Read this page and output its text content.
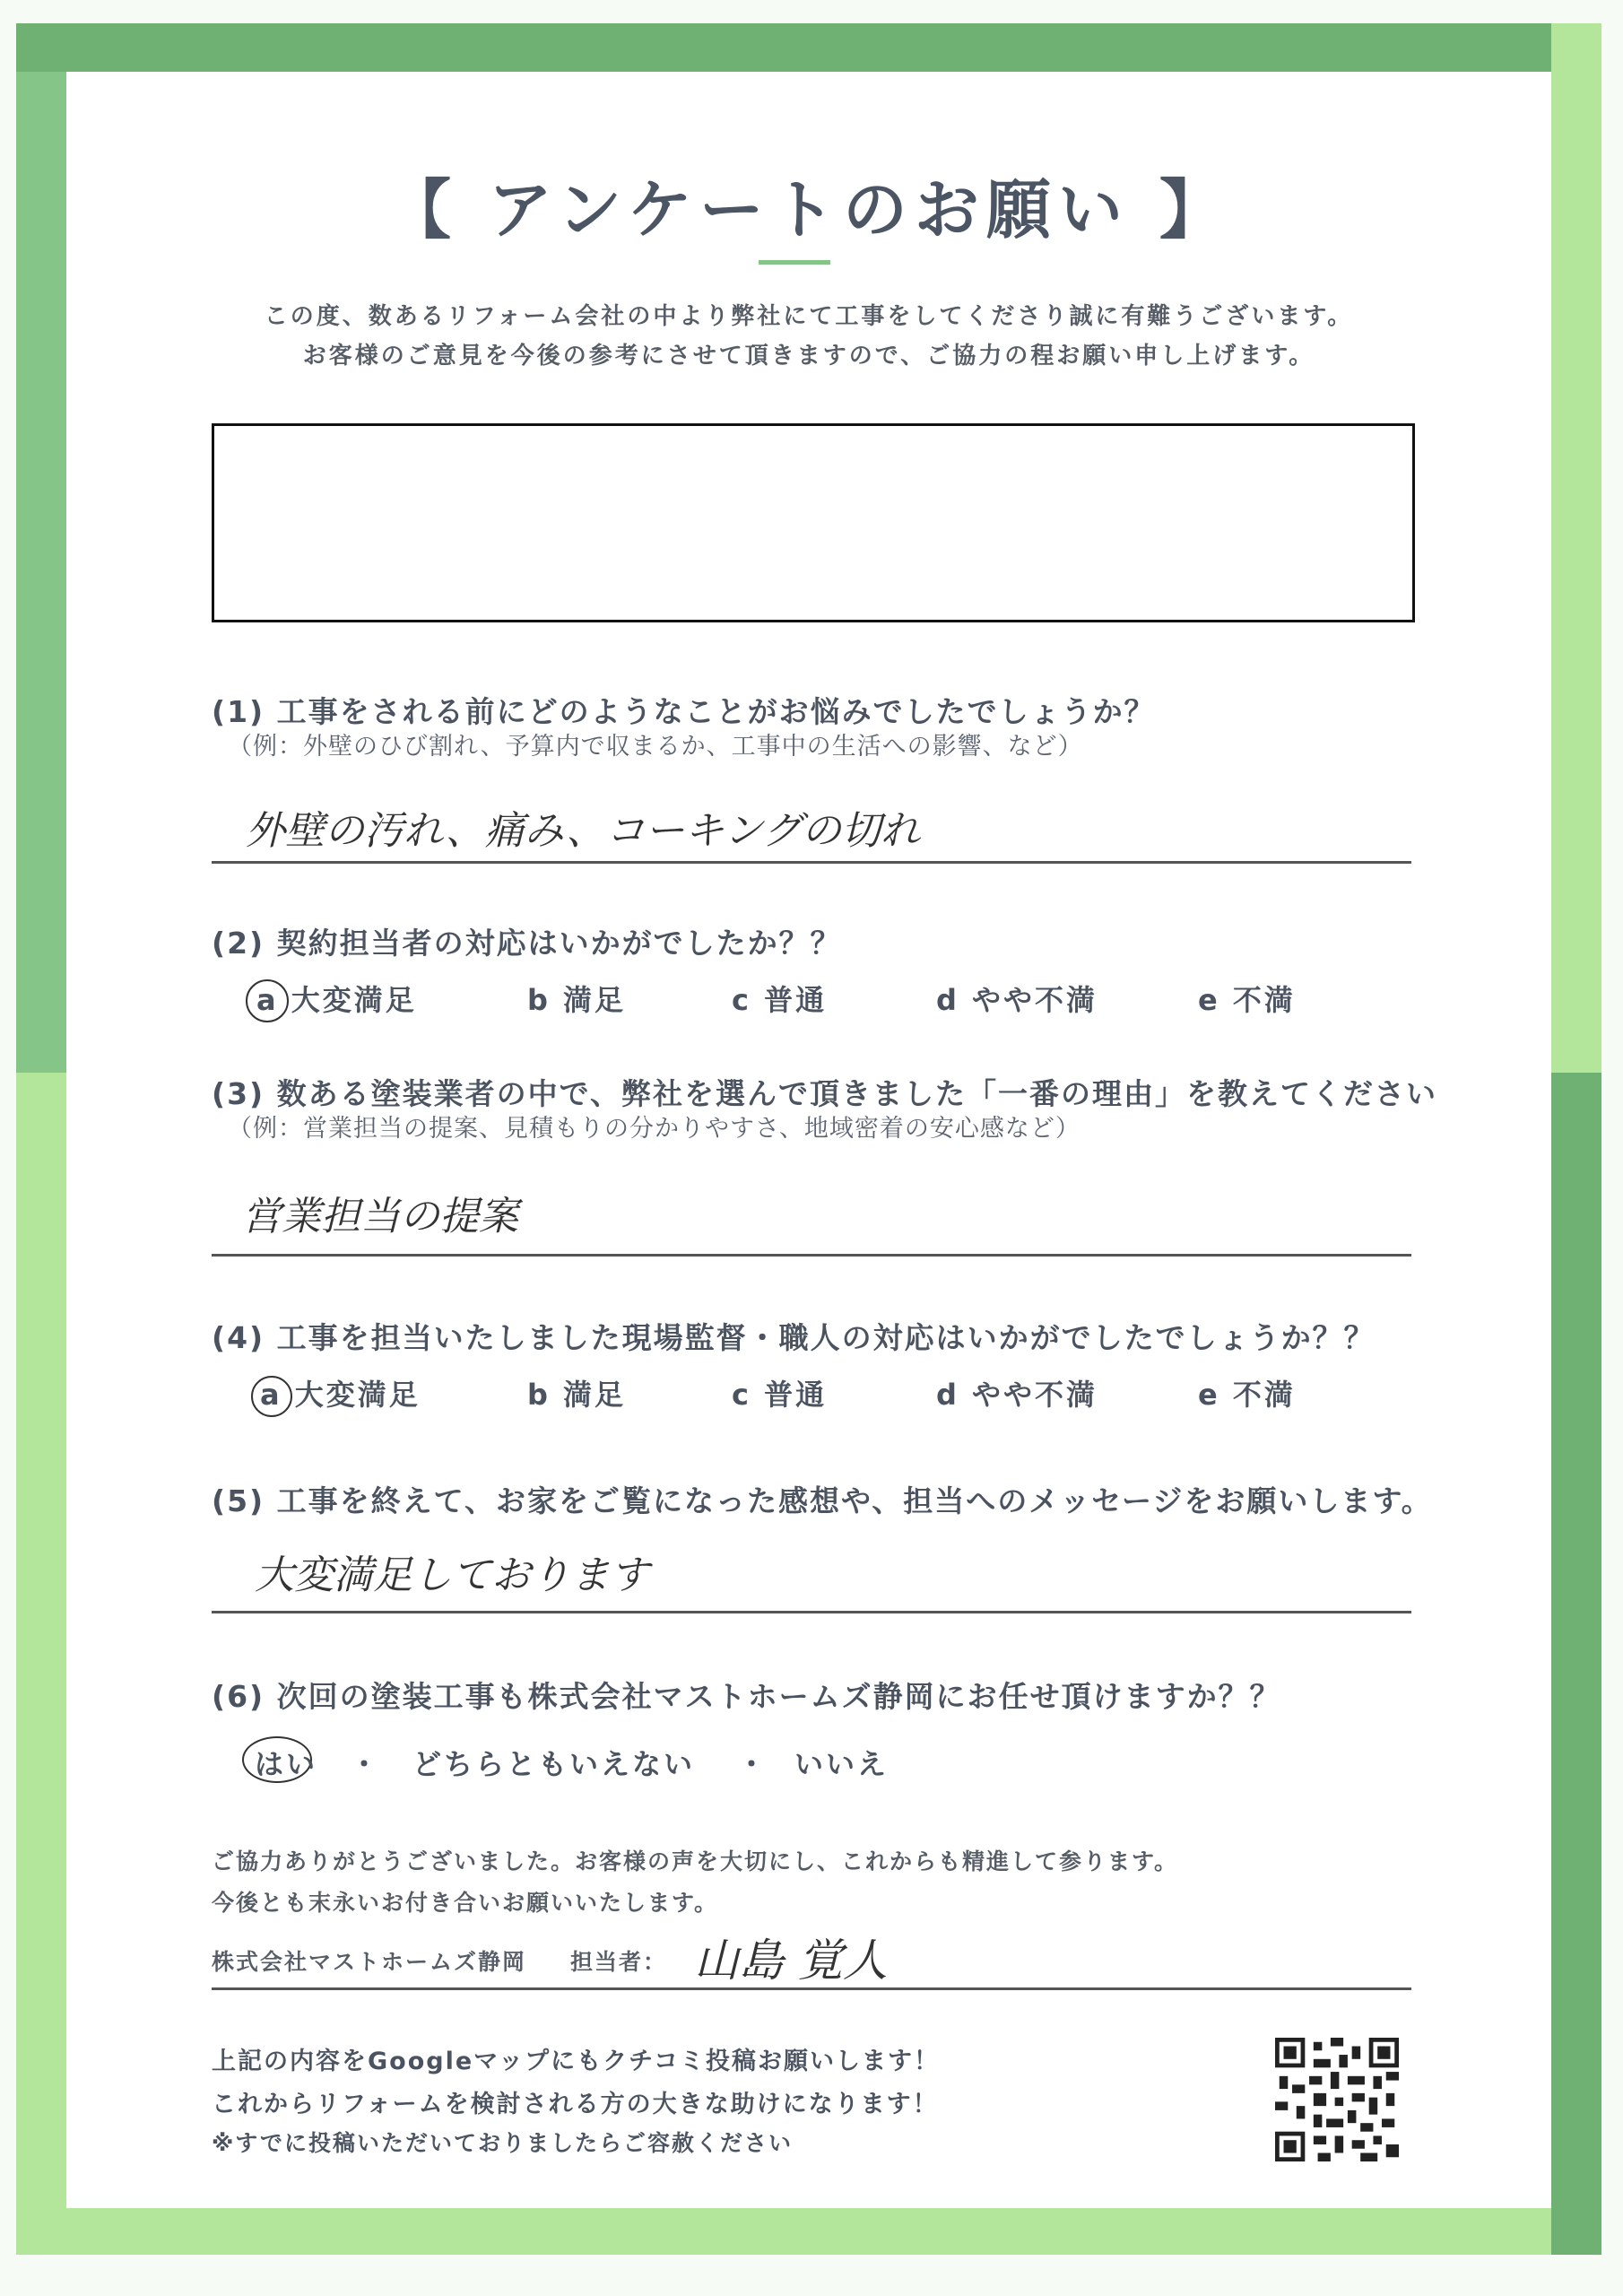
【 アンケートのお願い 】
この度、数あるリフォーム会社の中より弊社にて工事をしてくださり誠に有難うございます。
お客様のご意見を今後の参考にさせて頂きますので、ご協力の程お願い申し上げます。
(1) 工事をされる前にどのようなことがお悩みでしたでしょうか？
（例：外壁のひび割れ、予算内で収まるか、工事中の生活への影響、など）
外壁の汚れ、痛み、コーキングの切れ
(2) 契約担当者の対応はいかがでしたか？？
a 大変満足	b 満足	c 普通	d やや不満	e 不満
(3) 数ある塗装業者の中で、弊社を選んで頂きました「一番の理由」を教えてください
（例：営業担当の提案、見積もりの分かりやすさ、地域密着の安心感など）
営業担当の提案
(4) 工事を担当いたしました現場監督・職人の対応はいかがでしたでしょうか？？
a 大変満足	b 満足	c 普通	d やや不満	e 不満
(5) 工事を終えて、お家をご覧になった感想や、担当へのメッセージをお願いします。
大変満足しております
(6) 次回の塗装工事も株式会社マストホームズ静岡にお任せ頂けますか？？
はい ・ どちらともいえない ・ いいえ
ご協力ありがとうございました。お客様の声を大切にし、これからも精進して参ります。
今後とも末永いお付き合いお願いいたします。
株式会社マストホームズ静岡 担当者： 山島 覚人
上記の内容をGoogleマップにもクチコミ投稿お願いします！
これからリフォームを検討される方の大きな助けになります！
※すでに投稿いただいておりましたらご容赦ください
